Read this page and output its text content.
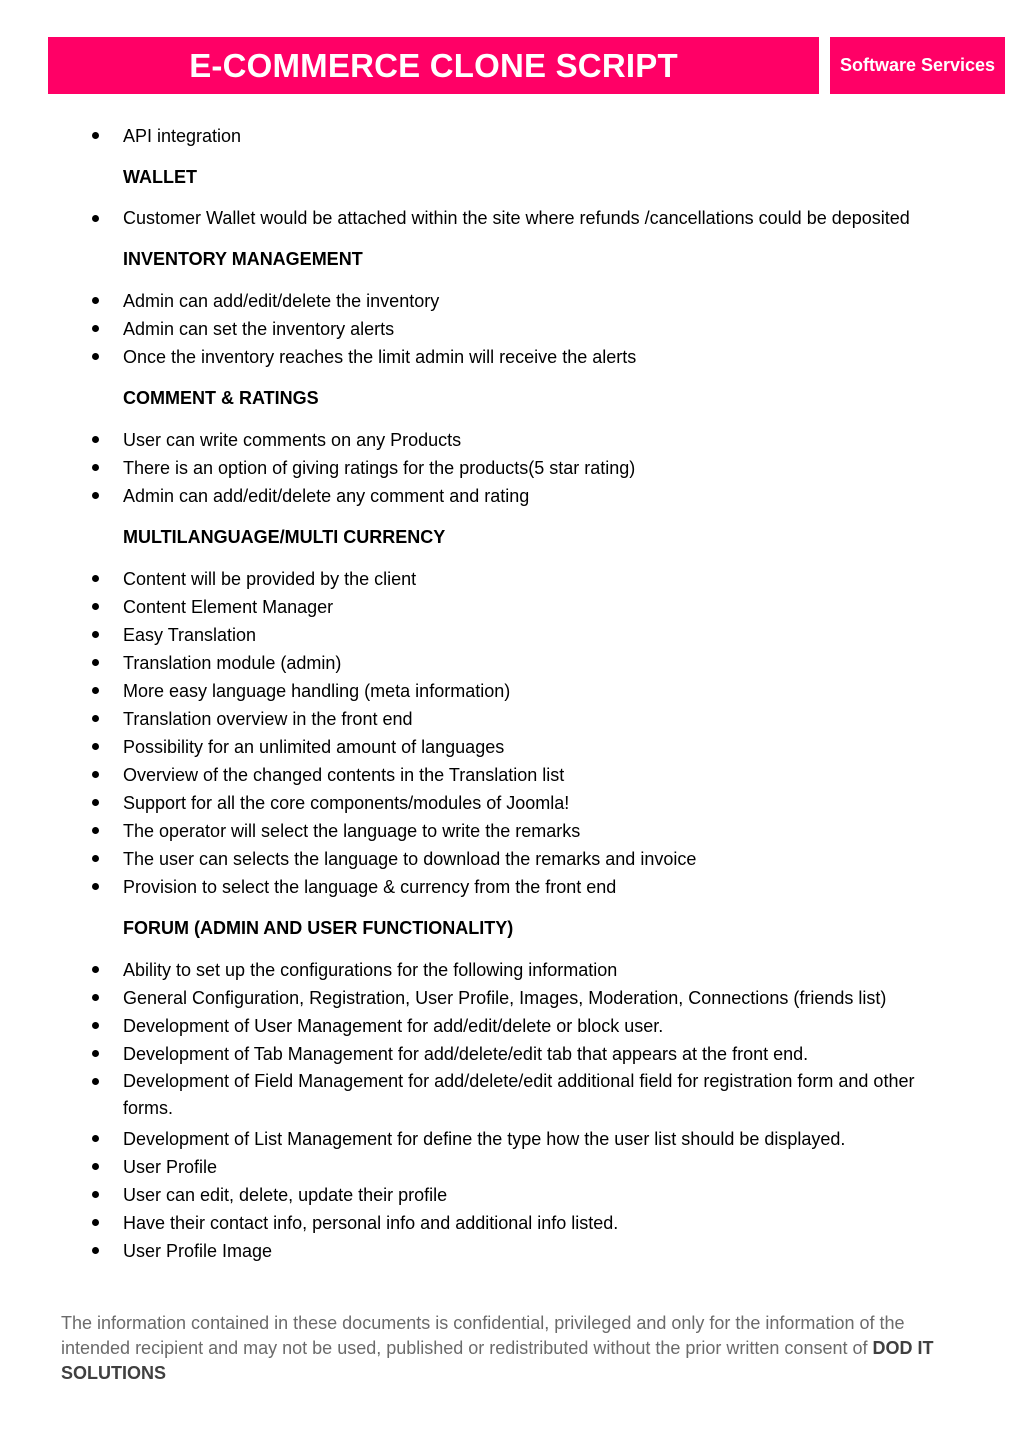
E-COMMERCE CLONE SCRIPT	Software Services
API integration
WALLET
Customer Wallet would be attached within the site where refunds /cancellations could be deposited
INVENTORY MANAGEMENT
Admin can add/edit/delete the inventory
Admin can set the inventory alerts
Once the inventory reaches the limit admin will receive the alerts
COMMENT & RATINGS
User can write comments on any Products
There is an option of giving ratings for the products(5 star rating)
Admin can add/edit/delete any comment and rating
MULTILANGUAGE/MULTI CURRENCY
Content will be provided by the client
Content Element Manager
Easy Translation
Translation module (admin)
More easy language handling (meta information)
Translation overview in the front end
Possibility for an unlimited amount of languages
Overview of the changed contents in the Translation list
Support for all the core components/modules of Joomla!
The operator will select the language to write the remarks
The user can selects the language to download the remarks and invoice
Provision to select the language & currency from the front end
FORUM (ADMIN AND USER FUNCTIONALITY)
Ability to set up the configurations for the following information
General Configuration, Registration, User Profile, Images, Moderation, Connections (friends list)
Development of User Management for add/edit/delete or block user.
Development of Tab Management for add/delete/edit tab that appears at the front end.
Development of Field Management for add/delete/edit additional field for registration form and other forms.
Development of List Management for define the type how the user list should be displayed.
User Profile
User can edit, delete, update their profile
Have their contact info, personal info and additional info listed.
User Profile Image
The information contained in these documents is confidential, privileged and only for the information of the intended recipient and may not be used, published or redistributed without the prior written consent of DOD IT SOLUTIONS
